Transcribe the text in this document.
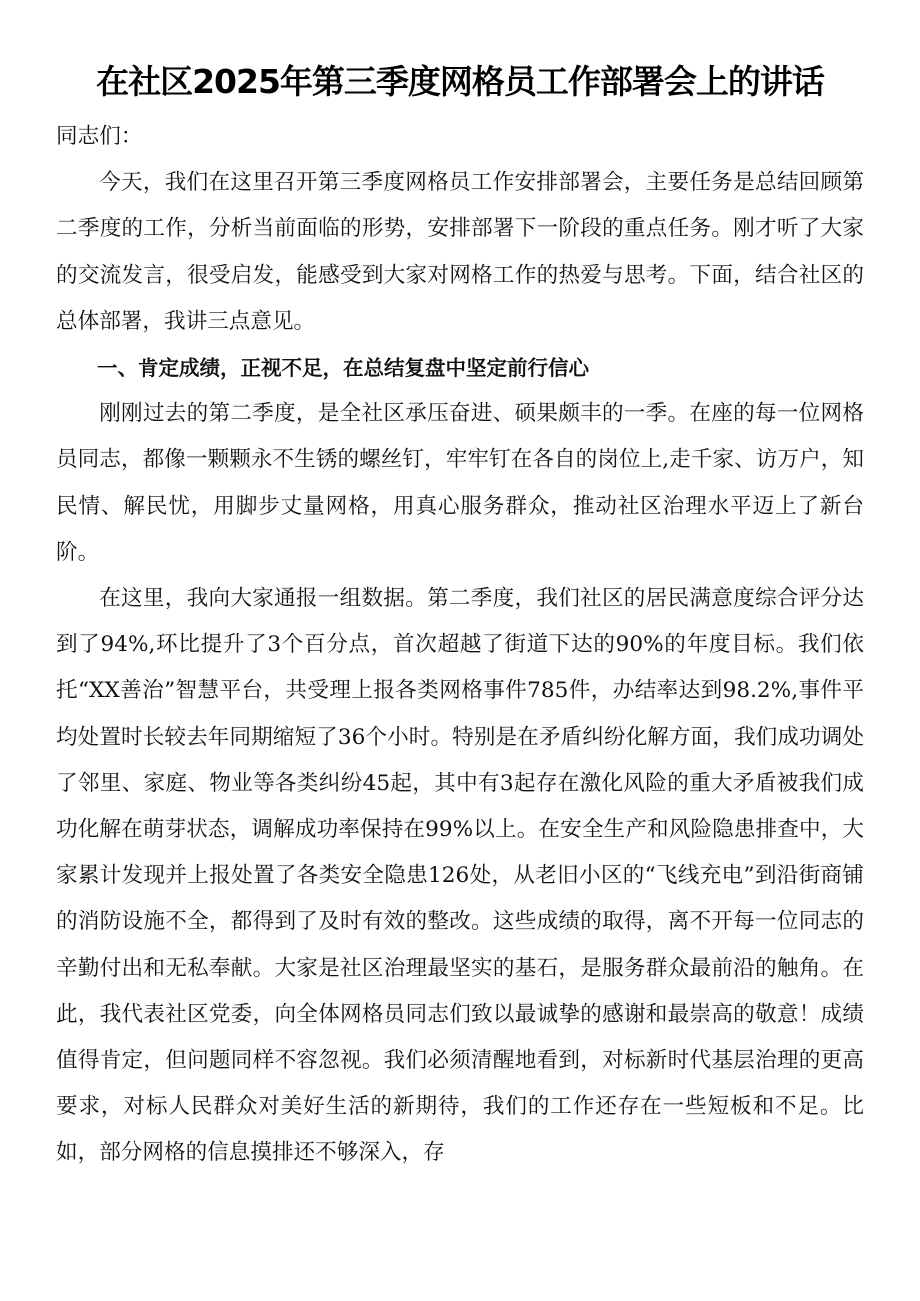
在社区2025年第三季度网格员工作部署会上的讲话

同志们：

今天，我们在这里召开第三季度网格员工作安排部署会，主要任务是总结回顾第二季度的工作，分析当前面临的形势，安排部署下一阶段的重点任务。刚才听了大家的交流发言，很受启发，能感受到大家对网格工作的热爱与思考。下面，结合社区的总体部署，我讲三点意见。

一、肯定成绩，正视不足，在总结复盘中坚定前行信心

刚刚过去的第二季度，是全社区承压奋进、硕果颇丰的一季。在座的每一位网格员同志，都像一颗颗永不生锈的螺丝钉，牢牢钉在各自的岗位上,走千家、访万户，知民情、解民忧，用脚步丈量网格，用真心服务群众，推动社区治理水平迈上了新台阶。

在这里，我向大家通报一组数据。第二季度，我们社区的居民满意度综合评分达到了94%,环比提升了3个百分点，首次超越了街道下达的90%的年度目标。我们依托“XX善治”智慧平台，共受理上报各类网格事件785件，办结率达到98.2%,事件平均处置时长较去年同期缩短了36个小时。特别是在矛盾纠纷化解方面，我们成功调处了邻里、家庭、物业等各类纠纷45起，其中有3起存在激化风险的重大矛盾被我们成功化解在萌芽状态，调解成功率保持在99%以上。在安全生产和风险隐患排查中，大家累计发现并上报处置了各类安全隐患126处，从老旧小区的“飞线充电”到沿街商铺的消防设施不全，都得到了及时有效的整改。这些成绩的取得，离不开每一位同志的辛勤付出和无私奉献。大家是社区治理最坚实的基石，是服务群众最前沿的触角。在此，我代表社区党委，向全体网格员同志们致以最诚挚的感谢和最崇高的敬意！成绩值得肯定，但问题同样不容忽视。我们必须清醒地看到，对标新时代基层治理的更高要求，对标人民群众对美好生活的新期待，我们的工作还存在一些短板和不足。比如，部分网格的信息摸排还不够深入，存
